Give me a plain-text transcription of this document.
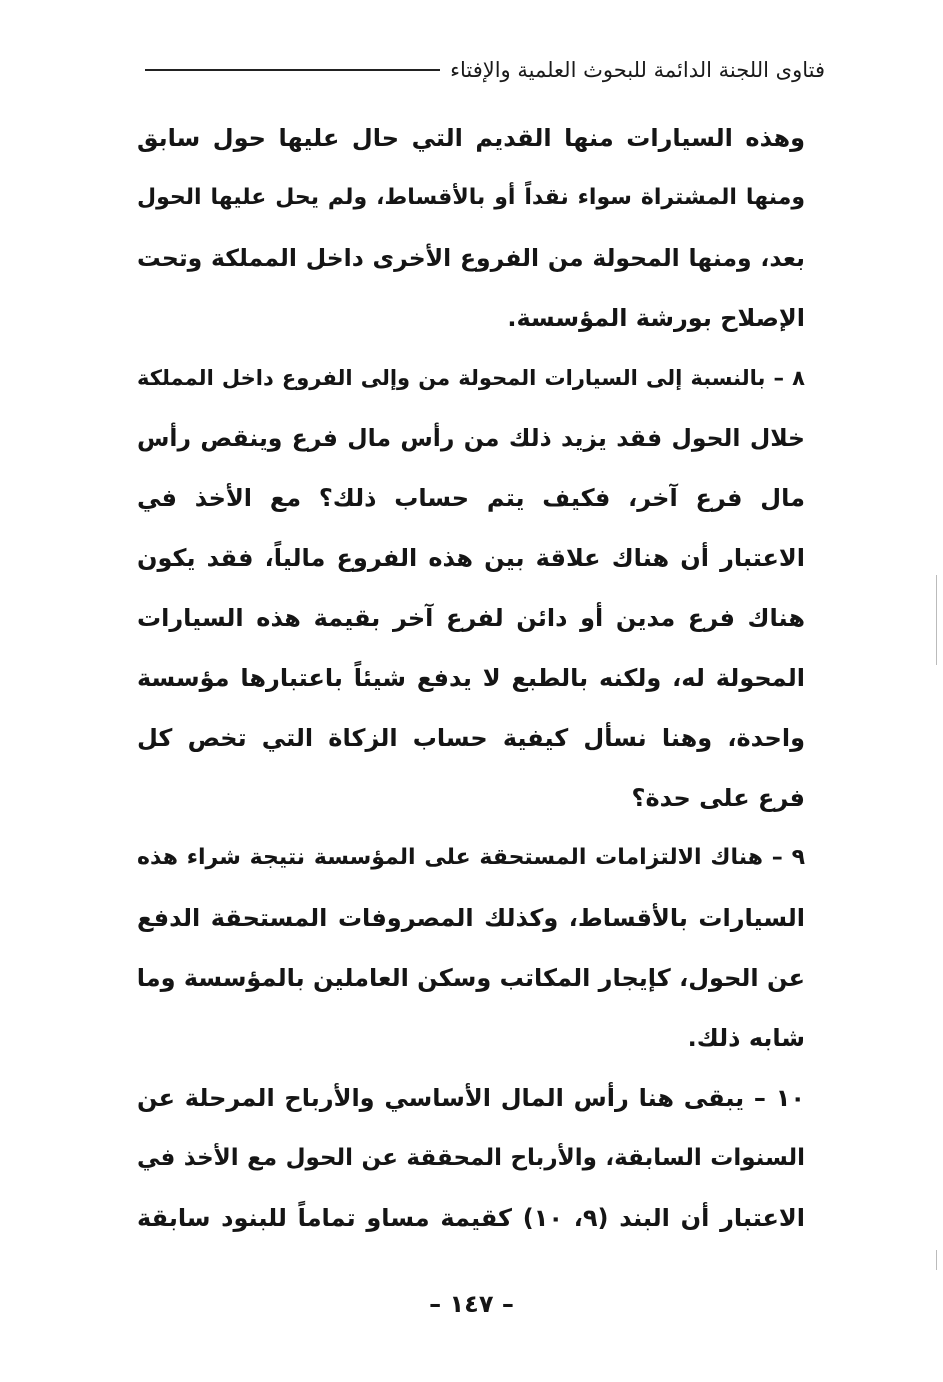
فتاوى اللجنة الدائمة للبحوث العلمية والإفتاء
وهذه السيارات منها القديم التي حال عليها حول سابق
ومنها المشتراة سواء نقداً أو بالأقساط، ولم يحل عليها الحول
بعد، ومنها المحولة من الفروع الأخرى داخل المملكة وتحت
الإصلاح بورشة المؤسسة.
٨ – بالنسبة إلى السيارات المحولة من وإلى الفروع داخل المملكة
خلال الحول فقد يزيد ذلك من رأس مال فرع وينقص رأس
مال فرع آخر، فكيف يتم حساب ذلك؟ مع الأخذ في
الاعتبار أن هناك علاقة بين هذه الفروع مالياً، فقد يكون
هناك فرع مدين أو دائن لفرع آخر بقيمة هذه السيارات
المحولة له، ولكنه بالطبع لا يدفع شيئاً باعتبارها مؤسسة
واحدة، وهنا نسأل كيفية حساب الزكاة التي تخص كل
فرع على حدة؟
٩ – هناك الالتزامات المستحقة على المؤسسة نتيجة شراء هذه
السيارات بالأقساط، وكذلك المصروفات المستحقة الدفع
عن الحول، كإيجار المكاتب وسكن العاملين بالمؤسسة وما
شابه ذلك.
١٠ – يبقى هنا رأس المال الأساسي والأرباح المرحلة عن
السنوات السابقة، والأرباح المحققة عن الحول مع الأخذ في
الاعتبار أن البند (٩، ١٠) كقيمة مساو تماماً للبنود سابقة
– ١٤٧ –
